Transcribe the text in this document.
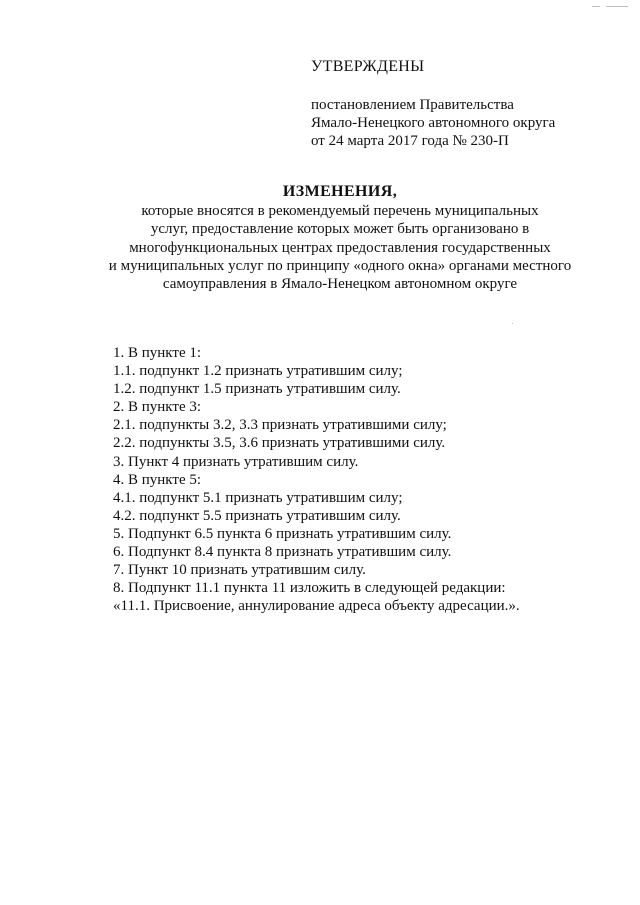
УТВЕРЖДЕНЫ
постановлением Правительства
Ямало-Ненецкого автономного округа
от 24 марта 2017 года № 230-П
ИЗМЕНЕНИЯ,
которые вносятся в рекомендуемый перечень муниципальных
услуг, предоставление которых может быть организовано в
многофункциональных центрах предоставления государственных
и муниципальных услуг по принципу «одного окна» органами местного
самоуправления в Ямало-Ненецком автономном округе
1. В пункте 1:
1.1. подпункт 1.2 признать утратившим силу;
1.2. подпункт 1.5 признать утратившим силу.
2. В пункте 3:
2.1. подпункты 3.2, 3.3 признать утратившими силу;
2.2. подпункты 3.5, 3.6 признать утратившими силу.
3. Пункт 4 признать утратившим силу.
4. В пункте 5:
4.1. подпункт 5.1 признать утратившим силу;
4.2. подпункт 5.5 признать утратившим силу.
5. Подпункт 6.5 пункта 6 признать утратившим силу.
6. Подпункт 8.4 пункта 8 признать утратившим силу.
7. Пункт 10 признать утратившим силу.
8. Подпункт 11.1 пункта 11 изложить в следующей редакции:
«11.1. Присвоение, аннулирование адреса объекту адресации.».
